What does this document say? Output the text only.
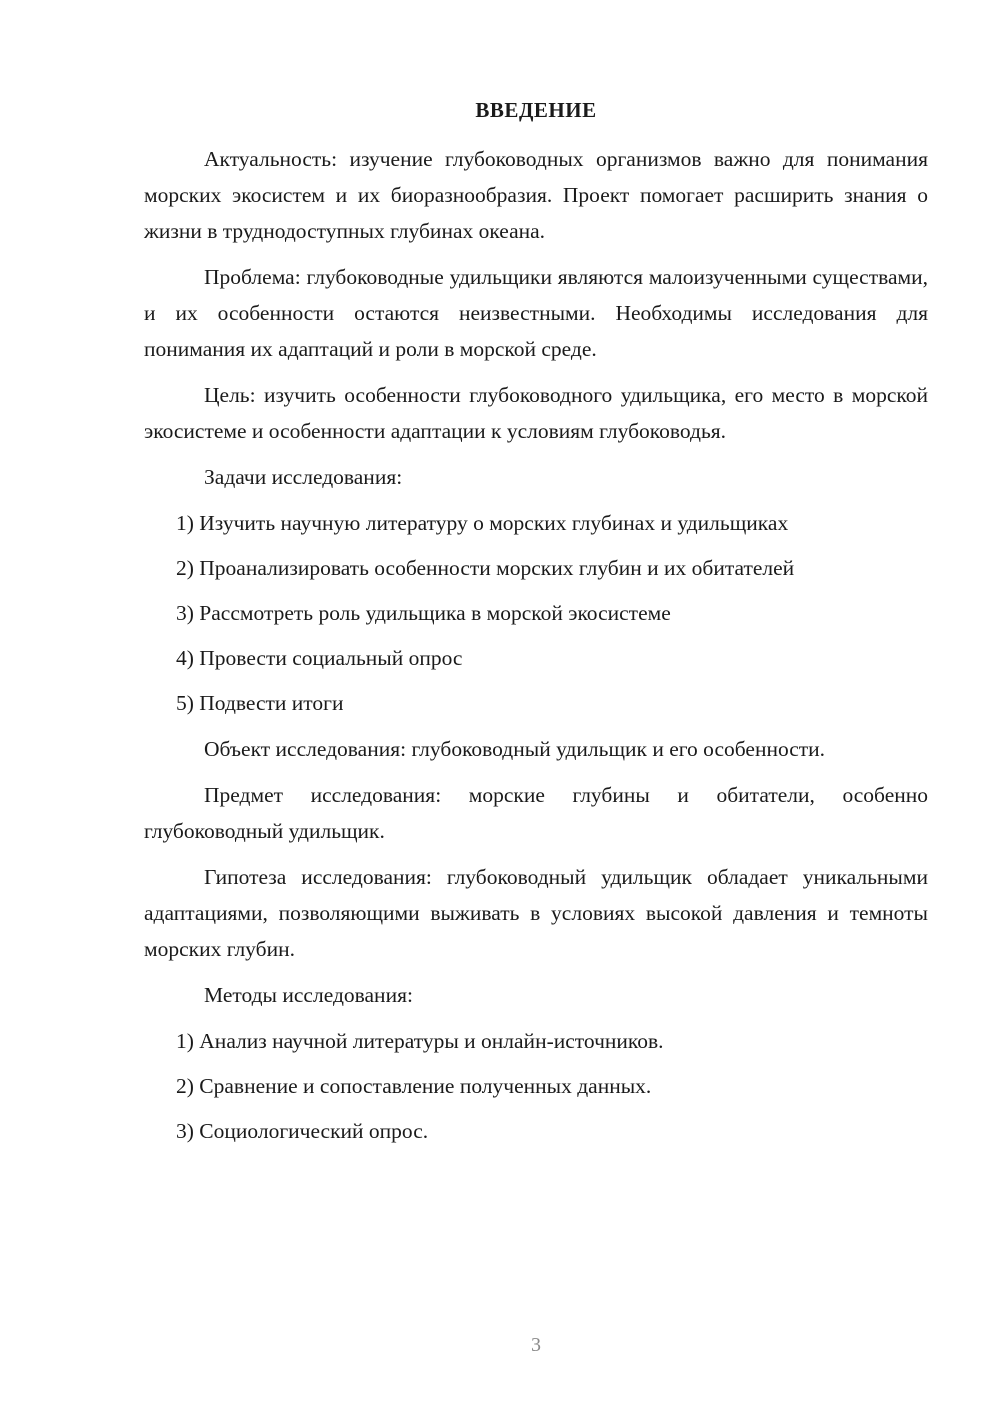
ВВЕДЕНИЕ

Актуальность: изучение глубоководных организмов важно для понимания морских экосистем и их биоразнообразия. Проект помогает расширить знания о жизни в труднодоступных глубинах океана.

Проблема: глубоководные удильщики являются малоизученными существами, и их особенности остаются неизвестными. Необходимы исследования для понимания их адаптаций и роли в морской среде.

Цель: изучить особенности глубоководного удильщика, его место в морской экосистеме и особенности адаптации к условиям глубоководья.

Задачи исследования:

1) Изучить научную литературу о морских глубинах и удильщиках
2) Проанализировать особенности морских глубин и их обитателей
3) Рассмотреть роль удильщика в морской экосистеме
4) Провести социальный опрос
5) Подвести итоги

Объект исследования: глубоководный удильщик и его особенности.

Предмет исследования: морские глубины и обитатели, особенно глубоководный удильщик.

Гипотеза исследования: глубоководный удильщик обладает уникальными адаптациями, позволяющими выживать в условиях высокой давления и темноты морских глубин.

Методы исследования:

1) Анализ научной литературы и онлайн-источников.
2) Сравнение и сопоставление полученных данных.
3) Социологический опрос.
3
